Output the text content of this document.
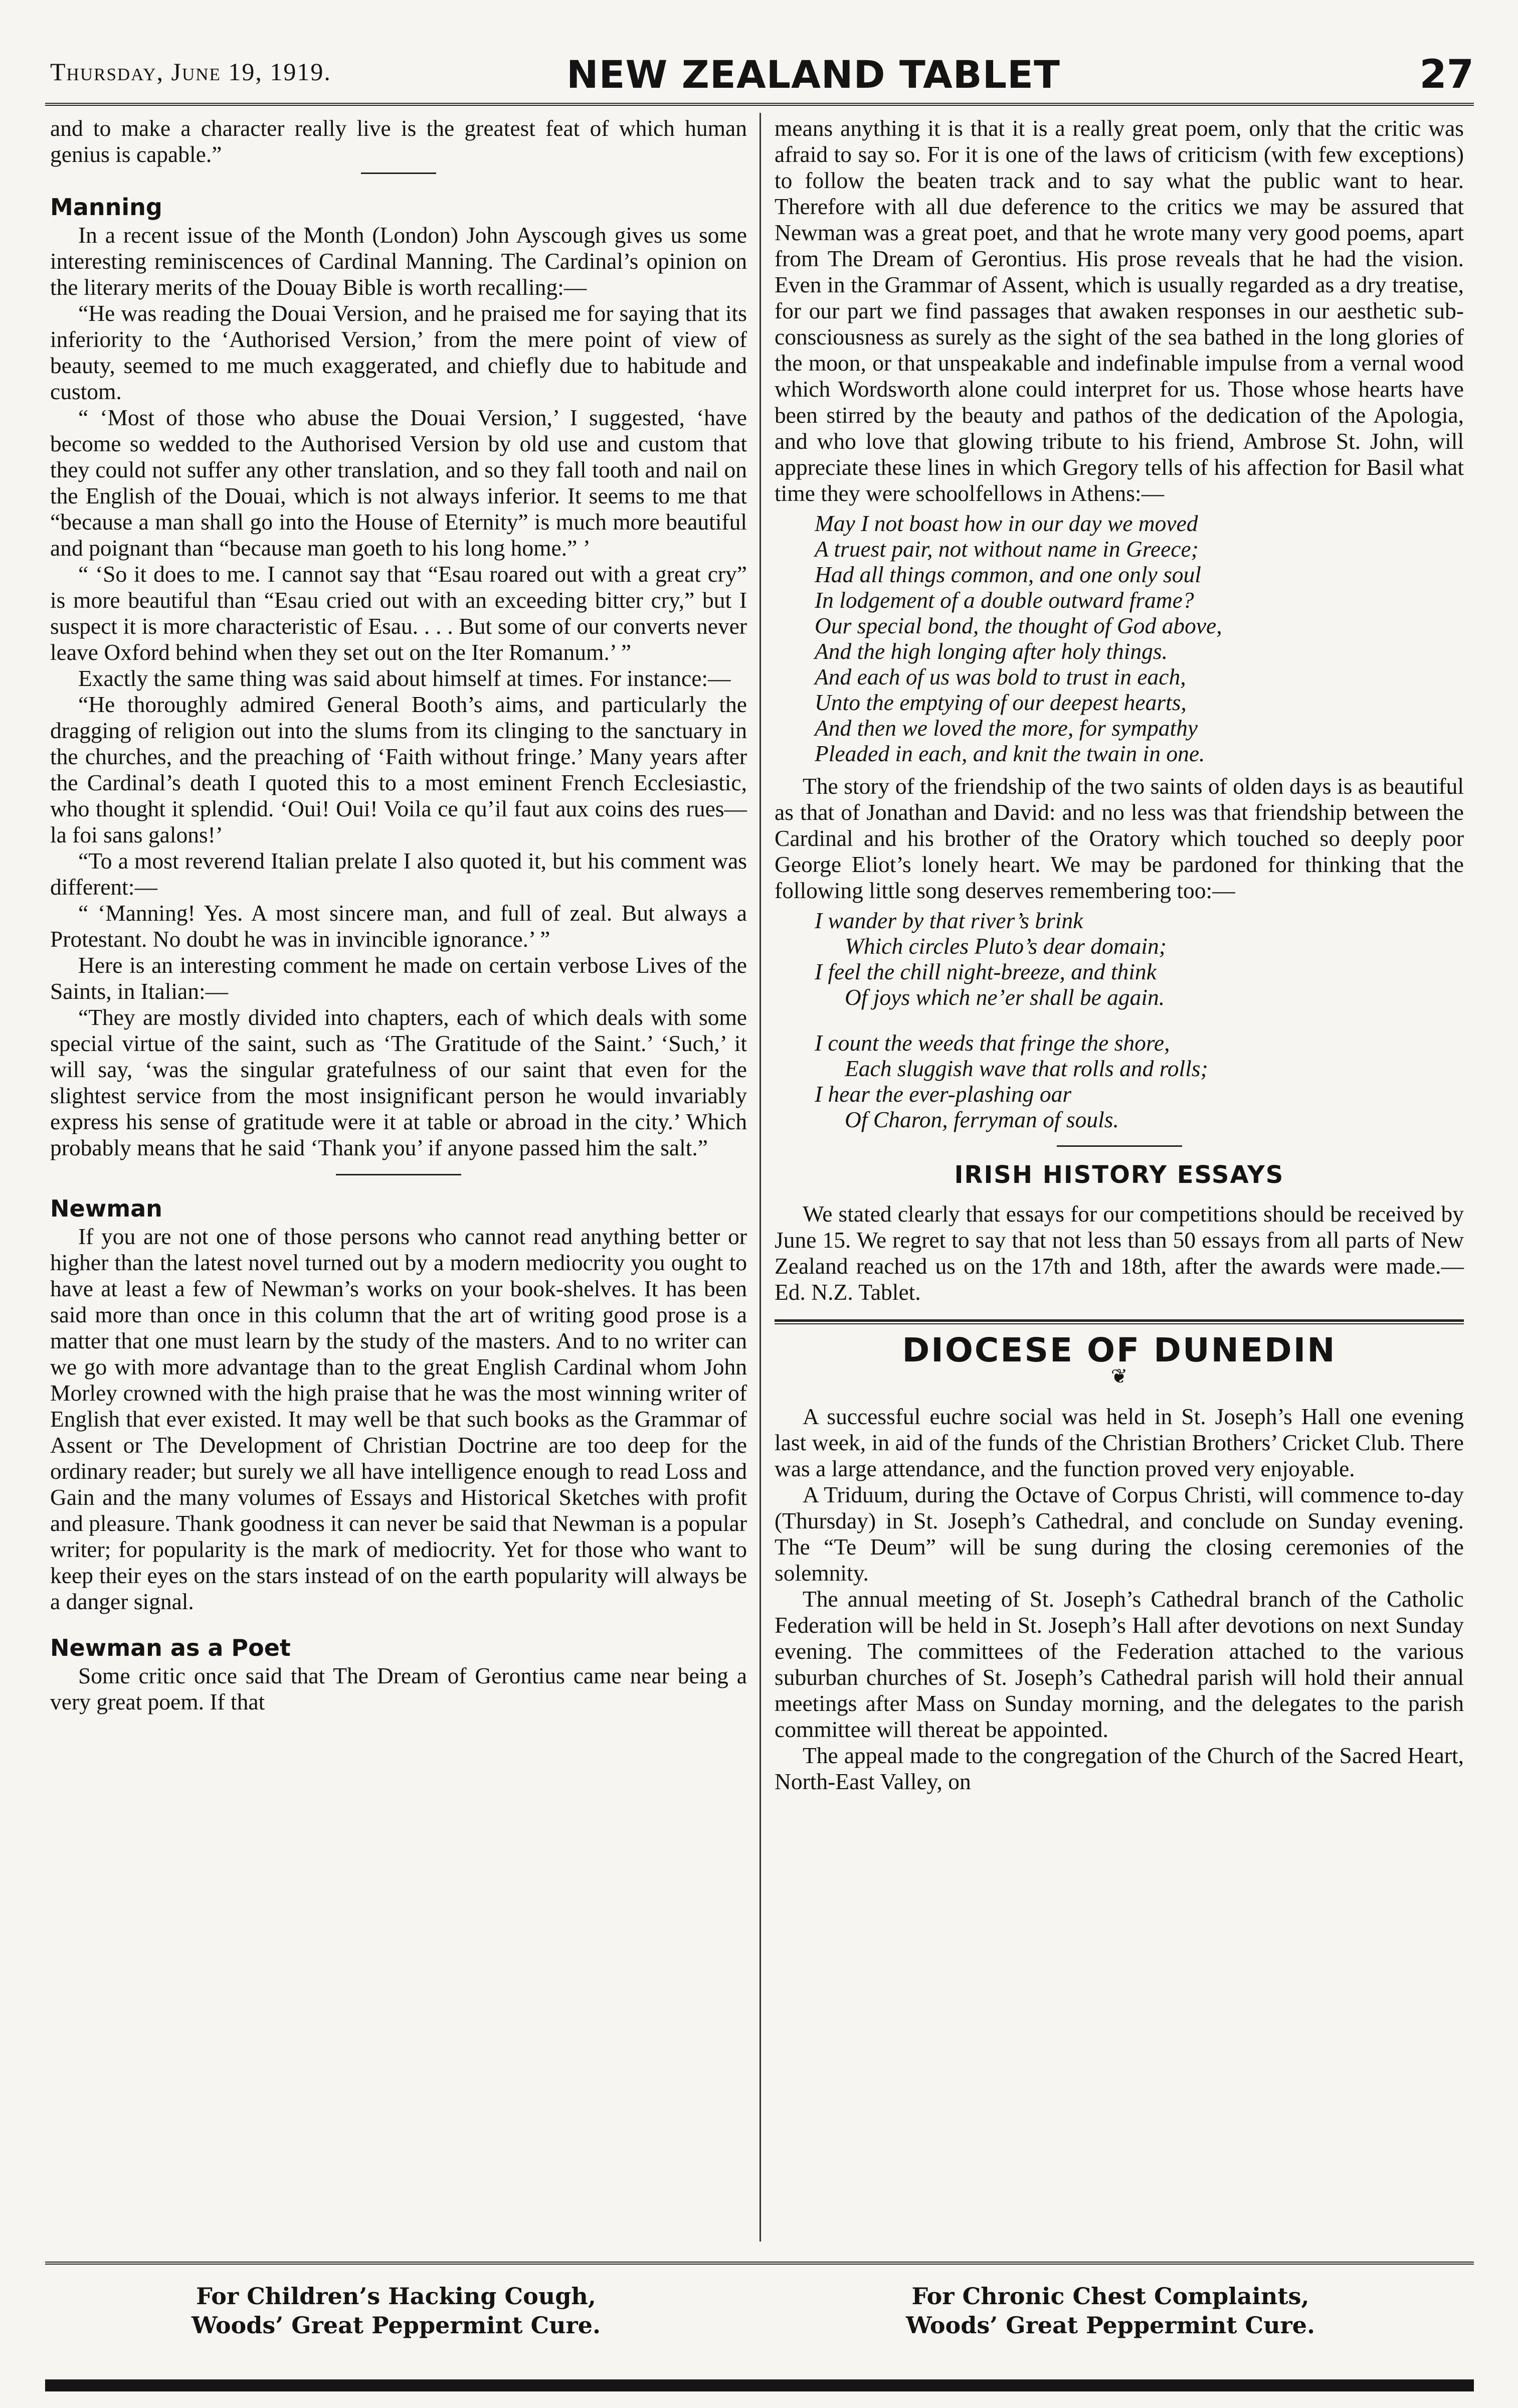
Thursday, June 19, 1919.	NEW ZEALAND TABLET	27

and to make a character really live is the greatest feat of which human genius is capable.”

Manning

In a recent issue of the Month (London) John Ayscough gives us some interesting reminiscences of Cardinal Manning. The Cardinal’s opinion on the literary merits of the Douay Bible is worth recalling:—

“He was reading the Douai Version, and he praised me for saying that its inferiority to the ‘Authorised Version,’ from the mere point of view of beauty, seemed to me much exaggerated, and chiefly due to habitude and custom.

“ ‘Most of those who abuse the Douai Version,’ I suggested, ‘have become so wedded to the Authorised Version by old use and custom that they could not suffer any other translation, and so they fall tooth and nail on the English of the Douai, which is not always inferior. It seems to me that “because a man shall go into the House of Eternity” is much more beautiful and poignant than “because man goeth to his long home.” ’

“ ‘So it does to me. I cannot say that “Esau roared out with a great cry” is more beautiful than “Esau cried out with an exceeding bitter cry,” but I suspect it is more characteristic of Esau. . . . But some of our converts never leave Oxford behind when they set out on the Iter Romanum.’ ”

Exactly the same thing was said about himself at times. For instance:—

“He thoroughly admired General Booth’s aims, and particularly the dragging of religion out into the slums from its clinging to the sanctuary in the churches, and the preaching of ‘Faith without fringe.’ Many years after the Cardinal’s death I quoted this to a most eminent French Ecclesiastic, who thought it splendid. ‘Oui! Oui! Voila ce qu’il faut aux coins des rues—la foi sans galons!’

“To a most reverend Italian prelate I also quoted it, but his comment was different:—

“ ‘Manning! Yes. A most sincere man, and full of zeal. But always a Protestant. No doubt he was in invincible ignorance.’ ”

Here is an interesting comment he made on certain verbose Lives of the Saints, in Italian:—

“They are mostly divided into chapters, each of which deals with some special virtue of the saint, such as ‘The Gratitude of the Saint.’ ‘Such,’ it will say, ‘was the singular gratefulness of our saint that even for the slightest service from the most insignificant person he would invariably express his sense of gratitude were it at table or abroad in the city.’ Which probably means that he said ‘Thank you’ if anyone passed him the salt.”

Newman

If you are not one of those persons who cannot read anything better or higher than the latest novel turned out by a modern mediocrity you ought to have at least a few of Newman’s works on your book-shelves. It has been said more than once in this column that the art of writing good prose is a matter that one must learn by the study of the masters. And to no writer can we go with more advantage than to the great English Cardinal whom John Morley crowned with the high praise that he was the most winning writer of English that ever existed. It may well be that such books as the Grammar of Assent or The Development of Christian Doctrine are too deep for the ordinary reader; but surely we all have intelligence enough to read Loss and Gain and the many volumes of Essays and Historical Sketches with profit and pleasure. Thank goodness it can never be said that Newman is a popular writer; for popularity is the mark of mediocrity. Yet for those who want to keep their eyes on the stars instead of on the earth popularity will always be a danger signal.

Newman as a Poet

Some critic once said that The Dream of Gerontius came near being a very great poem. If that

means anything it is that it is a really great poem, only that the critic was afraid to say so. For it is one of the laws of criticism (with few exceptions) to follow the beaten track and to say what the public want to hear. Therefore with all due deference to the critics we may be assured that Newman was a great poet, and that he wrote many very good poems, apart from The Dream of Gerontius. His prose reveals that he had the vision. Even in the Grammar of Assent, which is usually regarded as a dry treatise, for our part we find passages that awaken responses in our aesthetic sub-consciousness as surely as the sight of the sea bathed in the long glories of the moon, or that unspeakable and indefinable impulse from a vernal wood which Wordsworth alone could interpret for us. Those whose hearts have been stirred by the beauty and pathos of the dedication of the Apologia, and who love that glowing tribute to his friend, Ambrose St. John, will appreciate these lines in which Gregory tells of his affection for Basil what time they were schoolfellows in Athens:—

May I not boast how in our day we moved
A truest pair, not without name in Greece;
Had all things common, and one only soul
In lodgement of a double outward frame?
Our special bond, the thought of God above,
And the high longing after holy things.
And each of us was bold to trust in each,
Unto the emptying of our deepest hearts,
And then we loved the more, for sympathy
Pleaded in each, and knit the twain in one.

The story of the friendship of the two saints of olden days is as beautiful as that of Jonathan and David: and no less was that friendship between the Cardinal and his brother of the Oratory which touched so deeply poor George Eliot’s lonely heart. We may be pardoned for thinking that the following little song deserves remembering too:—

I wander by that river’s brink
Which circles Pluto’s dear domain;
I feel the chill night-breeze, and think
Of joys which ne’er shall be again.
I count the weeds that fringe the shore,
Each sluggish wave that rolls and rolls;
I hear the ever-plashing oar
Of Charon, ferryman of souls.
IRISH HISTORY ESSAYS

We stated clearly that essays for our competitions should be received by June 15. We regret to say that not less than 50 essays from all parts of New Zealand reached us on the 17th and 18th, after the awards were made.—Ed. N.Z. Tablet.

DIOCESE OF DUNEDIN
❦

A successful euchre social was held in St. Joseph’s Hall one evening last week, in aid of the funds of the Christian Brothers’ Cricket Club. There was a large attendance, and the function proved very enjoyable.

A Triduum, during the Octave of Corpus Christi, will commence to-day (Thursday) in St. Joseph’s Cathedral, and conclude on Sunday evening. The “Te Deum” will be sung during the closing ceremonies of the solemnity.

The annual meeting of St. Joseph’s Cathedral branch of the Catholic Federation will be held in St. Joseph’s Hall after devotions on next Sunday evening. The committees of the Federation attached to the various suburban churches of St. Joseph’s Cathedral parish will hold their annual meetings after Mass on Sunday morning, and the delegates to the parish committee will thereat be appointed.

The appeal made to the congregation of the Church of the Sacred Heart, North-East Valley, on

For Children’s Hacking Cough,
Woods’ Great Peppermint Cure.
For Chronic Chest Complaints,
Woods’ Great Peppermint Cure.
